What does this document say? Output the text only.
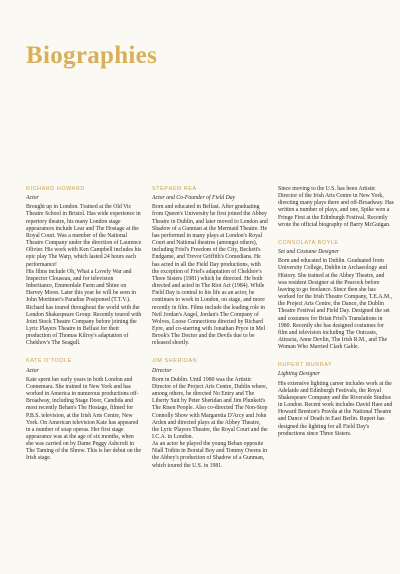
Biographies
RICHARD HOWARD
Actor

Brought up in London. Trained at the Old Vic Theatre School in Bristol. Has wide experience in repertory theatre, his many London stage appearances include Lear and The Hostage at the Royal Court. Was a member of the National Theatre Company under the direction of Laurence Olivier. His work with Ken Campbell includes his epic play The Warp, which lasted 24 hours each performance!

His films include Oh, What a Lovely War and Inspector Clouseau, and for television Inheritance, Emmerdale Farm and Shine on Harvey Moon. Later this year he will be seen in John Mortimer's Paradise Postponed (T.T.V.). Richard has toured throughout the world with the London Shakespeare Group. Recently toured with Joint Stock Theatre Company before joining the Lyric Players Theatre in Belfast for their production of Thomas Kilroy's adaptation of Chekhov's The Seagull.

KATE O'TOOLE
Actor

Kate spent her early years in both London and Connemara. She trained in New York and has worked in America in numerous productions off-Broadway, including Stage Door, Candida and most recently Behan's The Hostage, filmed for P.B.S. television, at the Irish Arts Centre, New York. On American television Kate has appeared in a number of soap operas. Her first stage appearance was at the age of six months, when she was carried on by Dame Peggy Ashcroft in The Taming of the Shrew. This is her debut on the Irish stage.

STEPHEN REA
Actor and Co-Founder of Field Day

Born and educated in Belfast. After graduating from Queen's University he first joined the Abbey Theatre in Dublin, and later moved to London and Shadow of a Gunman at the Mermaid Theatre. He has performed in many plays at London's Royal Court and National theatres (amongst others), including Friel's Freedom of the City, Beckett's Endgame, and Trevor Griffith's Comedians. He has acted in all the Field Day productions, with the exception of Friel's adaptation of Chekhov's Three Sisters (1981) which he directed. He both directed and acted in The Riot Act (1984). While Field Day is central to his life as an actor, he continues to work in London, on stage, and more recently in film. Films include the leading role in Neil Jordan's Angel, Jordan's The Company of Wolves, Loose Connections directed by Richard Eyre, and co-starring with Jonathan Pryce in Mel Brook's The Doctor and the Devils due to be released shortly.

JIM SHERIDAN
Director

Born in Dublin. Until 1980 was the Artistic Director of the Project Arts Centre, Dublin where, among others, he directed No Entry and The Liberty Suit by Peter Sheridan and Jim Plunkett's The Risen People. Also co-directed The Non-Stop Connolly Show with Margaretta D'Arcy and John Arden and directed plays at the Abbey Theatre, the Lyric Players Theatre, the Royal Court and the I.C.A. in London.

As an actor he played the young Behan opposite Niall Toibin in Borstal Boy and Tommy Owens in the Abbey's production of Shadow of a Gunman, which toured the U.S. in 1981.

Since moving to the U.S. has been Artistic Director of the Irish Arts Centre in New York, directing many plays there and off-Broadway. Has written a number of plays, and one, Spike won a Fringe First at the Edinburgh Festival. Recently wrote the official biography of Barry McGuigan.

CONSOLATA BOYLE
Set and Costume Designer

Born and educated in Dublin. Graduated from University College, Dublin in Archaeology and History. She trained at the Abbey Theatre, and was resident Designer at the Peacock before leaving to go freelance. Since then she has worked for the Irish Theatre Company, T.E.A.M., the Project Arts Centre, the Dance, the Dublin Theatre Festival and Field Day. Designed the set and costumes for Brian Friel's Translations in 1980. Recently she has designed costumes for film and television including The Outcasts, Attracta, Anne Devlin, The Irish R.M., and The Woman Who Married Clark Gable.

RUPERT MURRAY
Lighting Designer

His extensive lighting career includes work at the Adelaide and Edinburgh Festivals, the Royal Shakespeare Company and the Riverside Studios in London. Recent work includes David Hare and Howard Brenton's Pravda at the National Theatre and Dance of Death in East Berlin. Rupert has designed the lighting for all Field Day's productions since Three Sisters.
